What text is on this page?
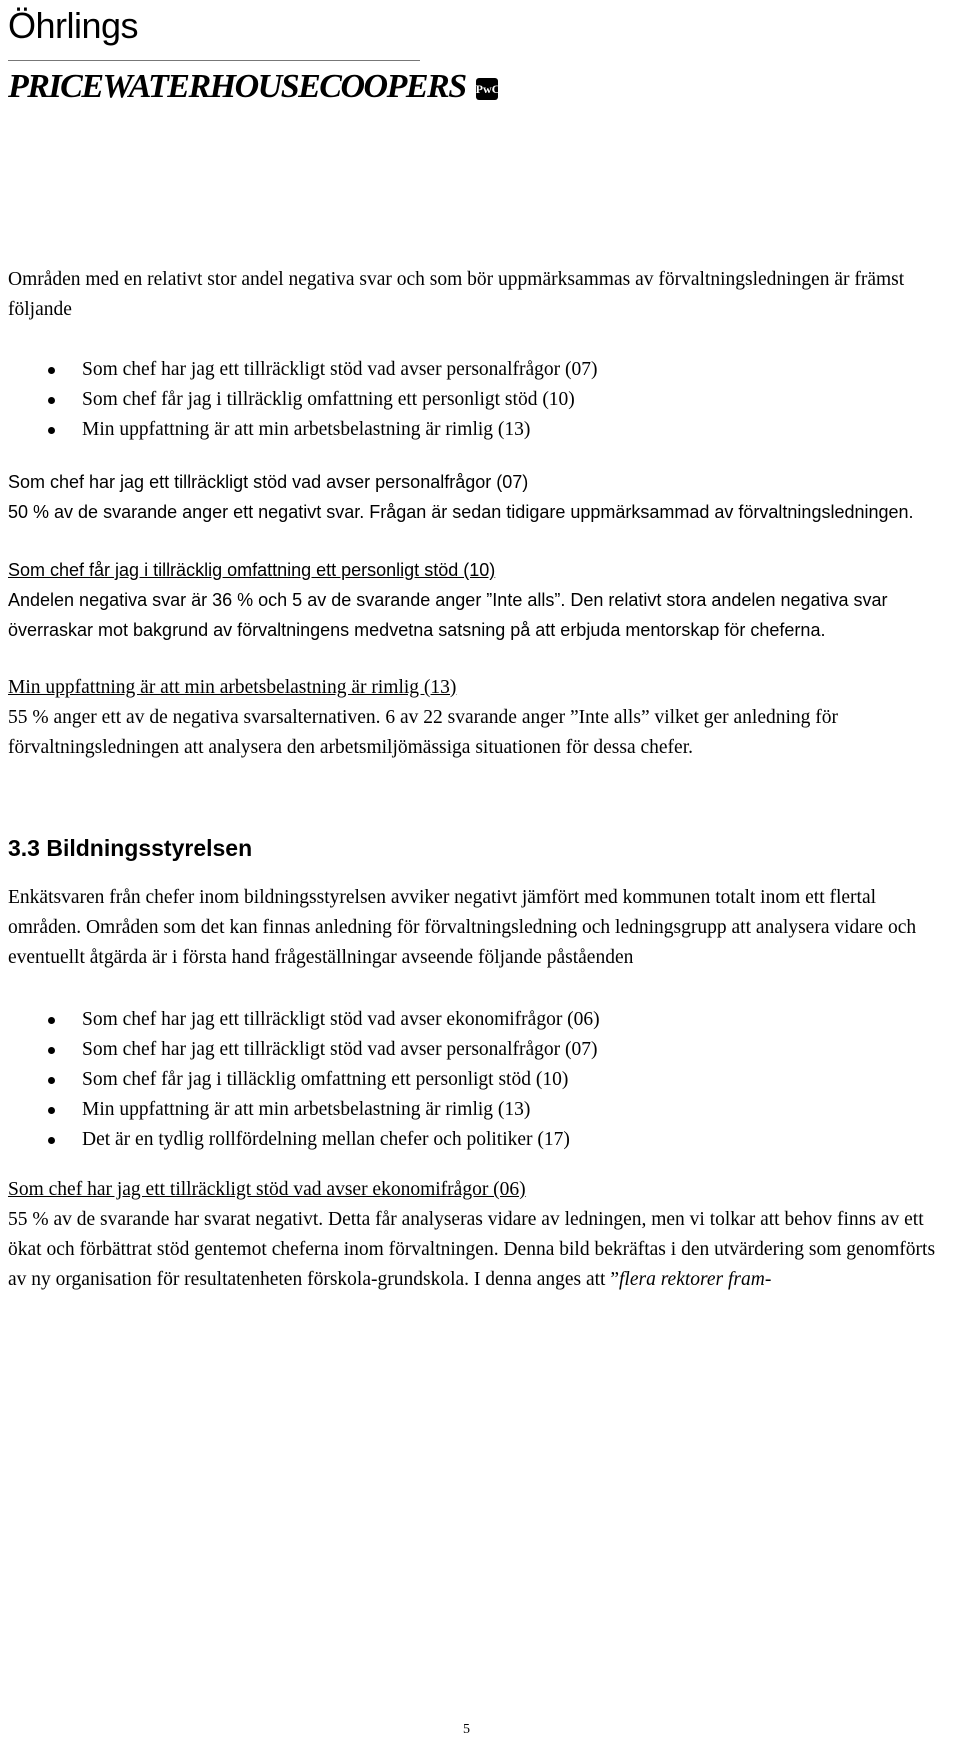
Öhrlings
PRICEWATERHOUSECOOPERS PwC

Områden med en relativt stor andel negativa svar och som bör uppmärksammas av förvaltningsledningen är främst följande

Som chef har jag ett tillräckligt stöd vad avser personalfrågor (07)
Som chef får jag i tillräcklig omfattning ett personligt stöd (10)
Min uppfattning är att min arbetsbelastning är rimlig (13)

Som chef har jag ett tillräckligt stöd vad avser personalfrågor (07)

50 % av de svarande anger ett negativt svar. Frågan är sedan tidigare uppmärksammad av förvaltningsledningen.

Som chef får jag i tillräcklig omfattning ett personligt stöd (10)

Andelen negativa svar är 36 % och 5 av de svarande anger ”Inte alls”. Den relativt stora andelen negativa svar överraskar mot bakgrund av förvaltningens medvetna satsning på att erbjuda mentorskap för cheferna.

Min uppfattning är att min arbetsbelastning är rimlig (13)

55 % anger ett av de negativa svarsalternativen. 6 av 22 svarande anger ”Inte alls” vilket ger anledning för förvaltningsledningen att analysera den arbetsmiljömässiga situationen för dessa chefer.

3.3 Bildningsstyrelsen

Enkätsvaren från chefer inom bildningsstyrelsen avviker negativt jämfört med kommunen totalt inom ett flertal områden. Områden som det kan finnas anledning för förvaltningsledning och ledningsgrupp att analysera vidare och eventuellt åtgärda är i första hand frågeställningar avseende följande påståenden

Som chef har jag ett tillräckligt stöd vad avser ekonomifrågor (06)
Som chef har jag ett tillräckligt stöd vad avser personalfrågor (07)
Som chef får jag i tilläcklig omfattning ett personligt stöd (10)
Min uppfattning är att min arbetsbelastning är rimlig (13)
Det är en tydlig rollfördelning mellan chefer och politiker (17)

Som chef har jag ett tillräckligt stöd vad avser ekonomifrågor (06)

55 % av de svarande har svarat negativt. Detta får analyseras vidare av ledningen, men vi tolkar att behov finns av ett ökat och förbättrat stöd gentemot cheferna inom förvaltningen. Denna bild bekräftas i den utvärdering som genomförts av ny organisation för resultatenheten förskola-grundskola. I denna anges att ”flera rektorer fram-

5
